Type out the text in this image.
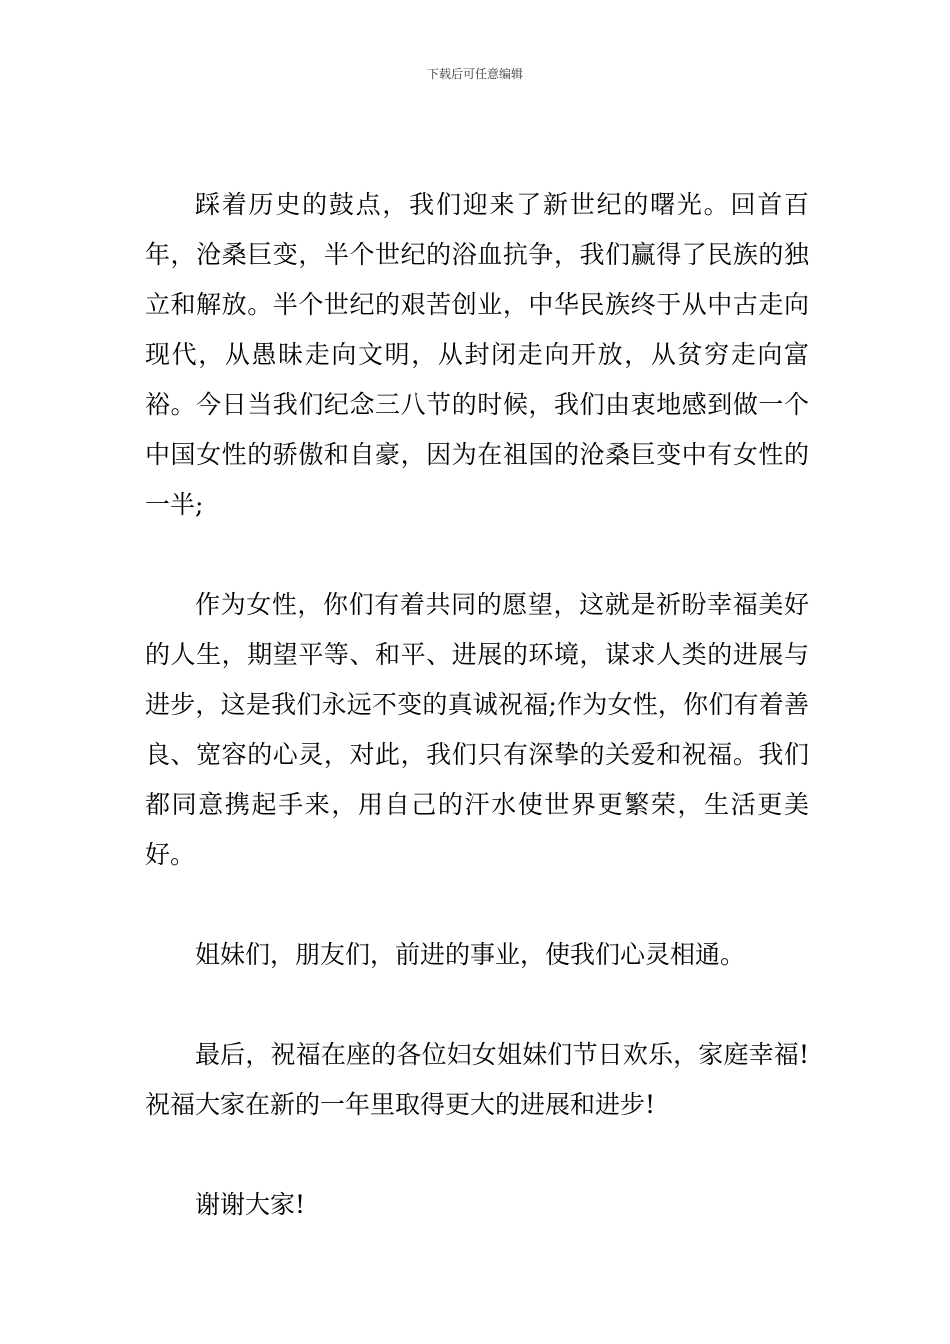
下载后可任意编辑

踩着历史的鼓点，我们迎来了新世纪的曙光。回首百年，沧桑巨变，半个世纪的浴血抗争，我们赢得了民族的独立和解放。半个世纪的艰苦创业，中华民族终于从中古走向现代，从愚昧走向文明，从封闭走向开放，从贫穷走向富裕。今日当我们纪念三八节的时候，我们由衷地感到做一个中国女性的骄傲和自豪，因为在祖国的沧桑巨变中有女性的一半;

作为女性，你们有着共同的愿望，这就是祈盼幸福美好的人生，期望平等、和平、进展的环境，谋求人类的进展与进步，这是我们永远不变的真诚祝福;作为女性，你们有着善良、宽容的心灵，对此，我们只有深挚的关爱和祝福。我们都同意携起手来，用自己的汗水使世界更繁荣，生活更美好。

姐妹们，朋友们，前进的事业，使我们心灵相通。

最后，祝福在座的各位妇女姐妹们节日欢乐，家庭幸福!祝福大家在新的一年里取得更大的进展和进步!

谢谢大家!
